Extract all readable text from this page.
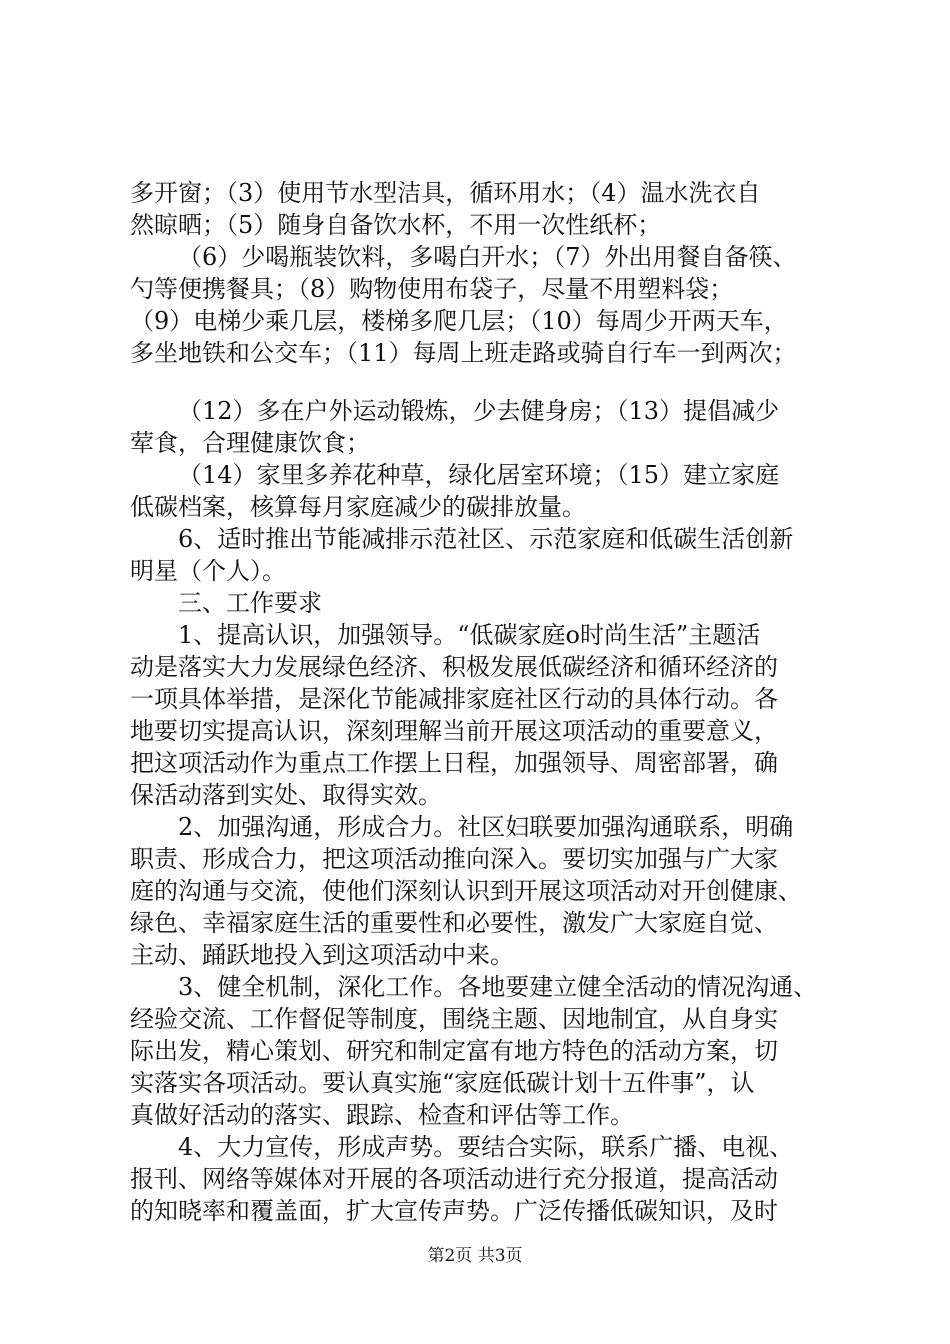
多开窗；（3）使用节水型洁具，循环用水；（4）温水洗衣自
然晾晒；（5）随身自备饮水杯，不用一次性纸杯；
（6）少喝瓶装饮料，多喝白开水；（7）外出用餐自备筷、
勺等便携餐具；（8）购物使用布袋子，尽量不用塑料袋；
（9）电梯少乘几层，楼梯多爬几层；（10）每周少开两天车，
多坐地铁和公交车；（11）每周上班走路或骑自行车一到两次；
（12）多在户外运动锻炼，少去健身房；（13）提倡减少
荤食，合理健康饮食；
（14）家里多养花种草，绿化居室环境；（15）建立家庭
低碳档案，核算每月家庭减少的碳排放量。
6、适时推出节能减排示范社区、示范家庭和低碳生活创新
明星（个人）。
三、工作要求
1、提高认识，加强领导。“低碳家庭o时尚生活”主题活
动是落实大力发展绿色经济、积极发展低碳经济和循环经济的
一项具体举措，是深化节能减排家庭社区行动的具体行动。各
地要切实提高认识，深刻理解当前开展这项活动的重要意义，
把这项活动作为重点工作摆上日程，加强领导、周密部署，确
保活动落到实处、取得实效。
2、加强沟通，形成合力。社区妇联要加强沟通联系，明确
职责、形成合力，把这项活动推向深入。要切实加强与广大家
庭的沟通与交流，使他们深刻认识到开展这项活动对开创健康、
绿色、幸福家庭生活的重要性和必要性，激发广大家庭自觉、
主动、踊跃地投入到这项活动中来。
3、健全机制，深化工作。各地要建立健全活动的情况沟通、
经验交流、工作督促等制度，围绕主题、因地制宜，从自身实
际出发，精心策划、研究和制定富有地方特色的活动方案，切
实落实各项活动。要认真实施“家庭低碳计划十五件事”，认
真做好活动的落实、跟踪、检查和评估等工作。
4、大力宣传，形成声势。要结合实际，联系广播、电视、
报刊、网络等媒体对开展的各项活动进行充分报道，提高活动
的知晓率和覆盖面，扩大宣传声势。广泛传播低碳知识，及时
第2页 共3页
